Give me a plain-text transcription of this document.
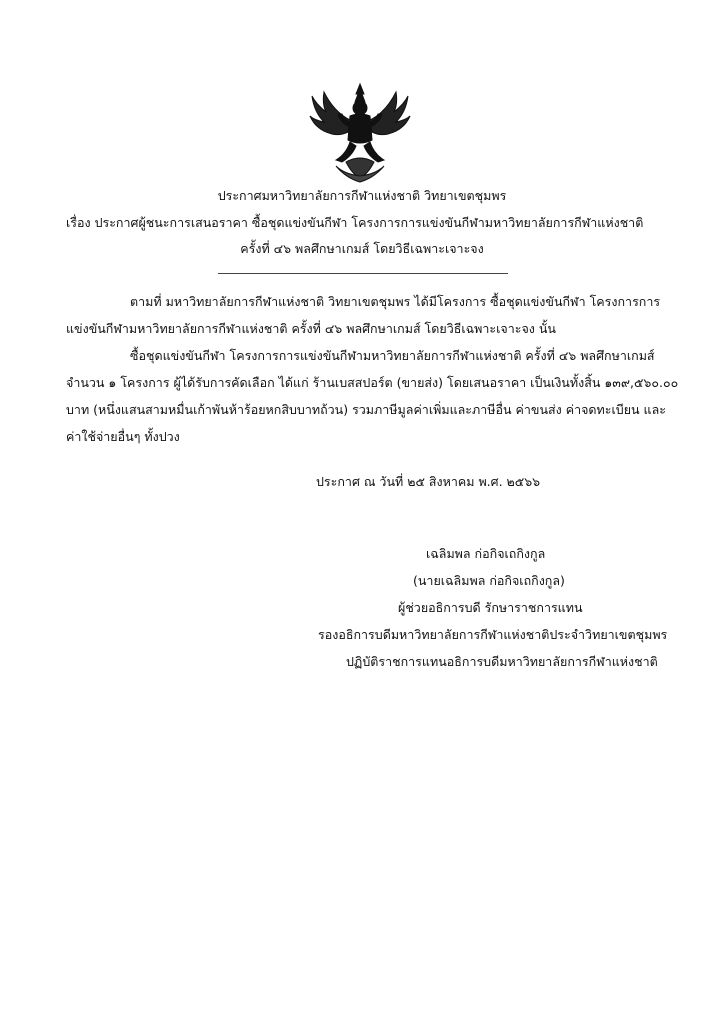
ประกาศมหาวิทยาลัยการกีฬาแห่งชาติ วิทยาเขตชุมพร
เรื่อง ประกาศผู้ชนะการเสนอราคา ซื้อชุดแข่งขันกีฬา โครงการการแข่งขันกีฬามหาวิทยาลัยการกีฬาแห่งชาติ
ครั้งที่ ๔๖ พลศึกษาเกมส์ โดยวิธีเฉพาะเจาะจง
ตามที่ มหาวิทยาลัยการกีฬาแห่งชาติ วิทยาเขตชุมพร ได้มีโครงการ ซื้อชุดแข่งขันกีฬา โครงการการ
แข่งขันกีฬามหาวิทยาลัยการกีฬาแห่งชาติ ครั้งที่ ๔๖ พลศึกษาเกมส์ โดยวิธีเฉพาะเจาะจง นั้น
ซื้อชุดแข่งขันกีฬา โครงการการแข่งขันกีฬามหาวิทยาลัยการกีฬาแห่งชาติ ครั้งที่ ๔๖ พลศึกษาเกมส์
จำนวน ๑ โครงการ ผู้ได้รับการคัดเลือก ได้แก่ ร้านเบสสปอร์ต (ขายส่ง) โดยเสนอราคา เป็นเงินทั้งสิ้น ๑๓๙,๕๖๐.๐๐
บาท (หนึ่งแสนสามหมื่นเก้าพันห้าร้อยหกสิบบาทถ้วน) รวมภาษีมูลค่าเพิ่มและภาษีอื่น ค่าขนส่ง ค่าจดทะเบียน และ
ค่าใช้จ่ายอื่นๆ ทั้งปวง
ประกาศ ณ วันที่ ๒๕ สิงหาคม พ.ศ. ๒๕๖๖
เฉลิมพล ก่อกิจเถกิงกูล
(นายเฉลิมพล ก่อกิจเถกิงกูล)
ผู้ช่วยอธิการบดี รักษาราชการแทน
รองอธิการบดีมหาวิทยาลัยการกีฬาแห่งชาติประจำวิทยาเขตชุมพร
ปฏิบัติราชการแทนอธิการบดีมหาวิทยาลัยการกีฬาแห่งชาติ
